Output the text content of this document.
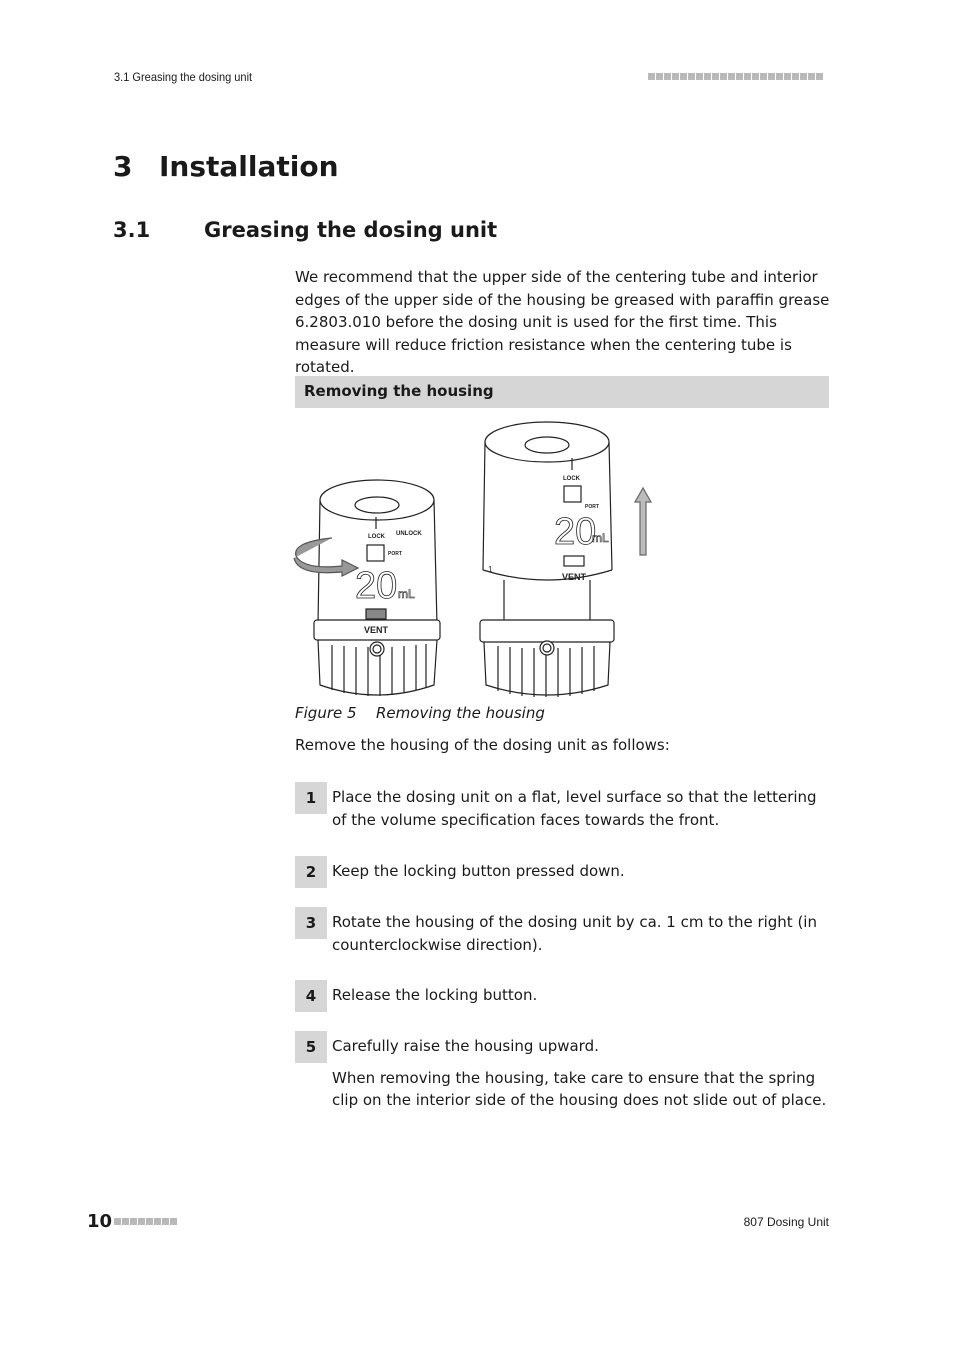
3.1 Greasing the dosing unit
3 Installation
3.1	Greasing the dosing unit
We recommend that the upper side of the centering tube and interior edges of the upper side of the housing be greased with paraffin grease 6.2803.010 before the dosing unit is used for the first time. This measure will reduce friction resistance when the centering tube is rotated.
Removing the housing
LOCK UNLOCK
PORT
20 mL
VENT
LOCK
PORT
20
mL
VENT
1
Figure 5 Removing the housing
Remove the housing of the dosing unit as follows:
1	Place the dosing unit on a flat, level surface so that the lettering of the volume specification faces towards the front.
2	Keep the locking button pressed down.
3	Rotate the housing of the dosing unit by ca. 1 cm to the right (in counterclockwise direction).
4	Release the locking button.
5	Carefully raise the housing upward.
When removing the housing, take care to ensure that the spring clip on the interior side of the housing does not slide out of place.
10	807 Dosing Unit
